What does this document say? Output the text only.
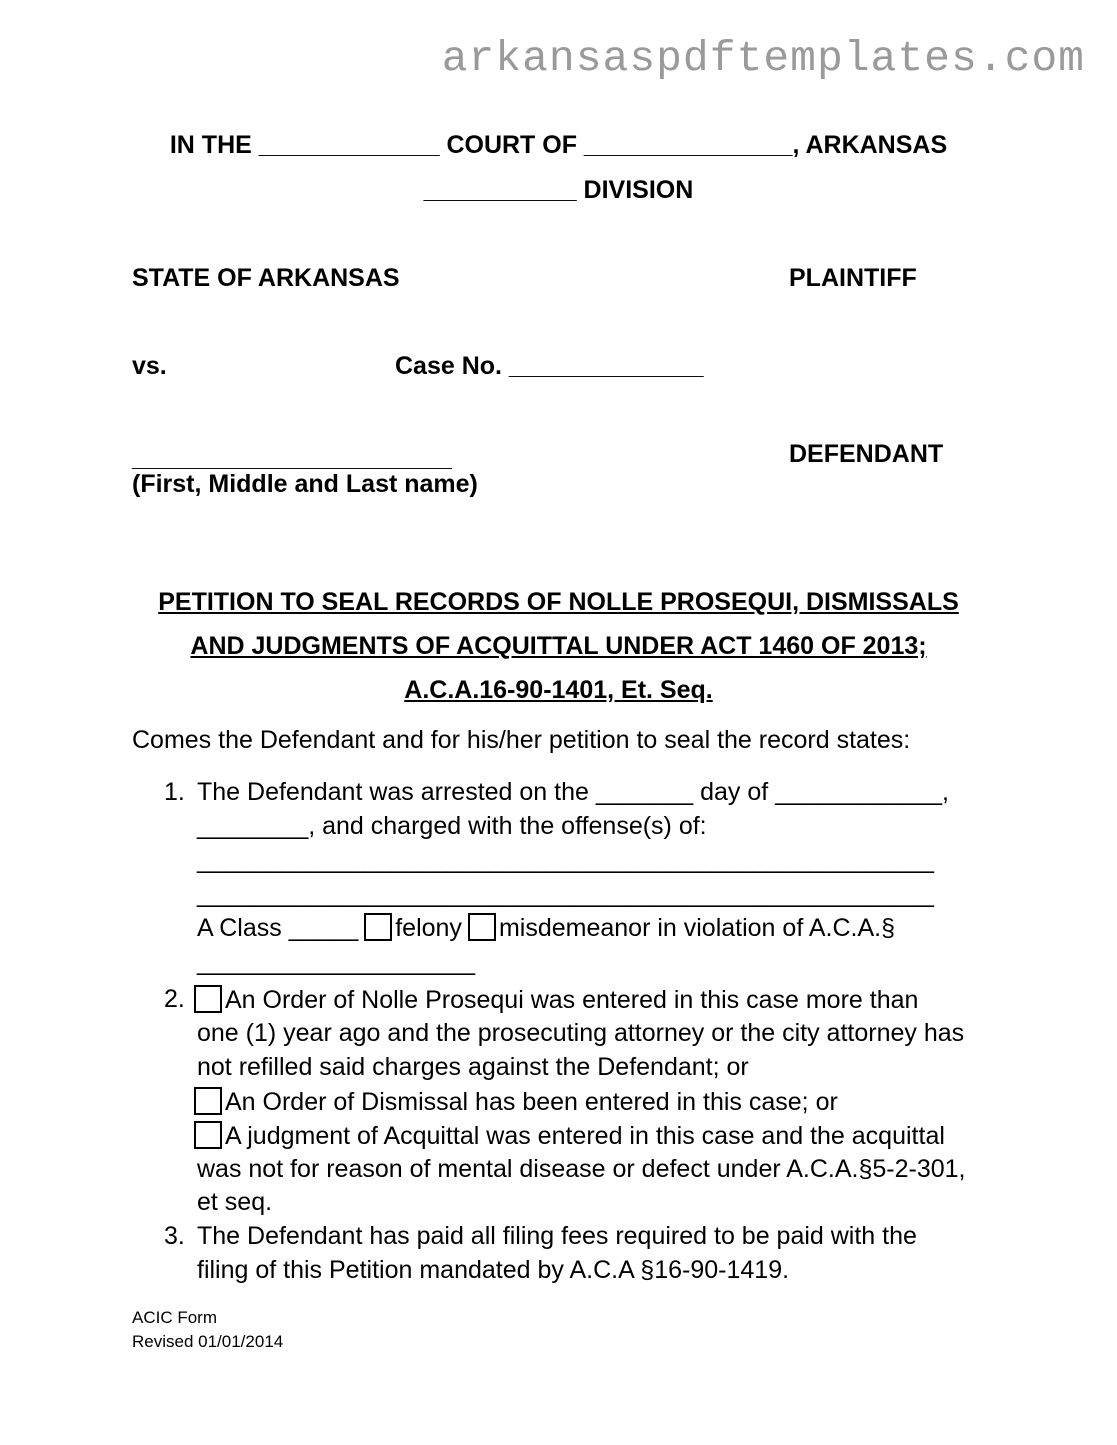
arkansaspdftemplates.com
IN THE _____________ COURT OF _______________, ARKANSAS
___________ DIVISION
STATE OF ARKANSAS	PLAINTIFF
vs.	Case No. ______________
_______________________	DEFENDANT
(First, Middle and Last name)
PETITION TO SEAL RECORDS OF NOLLE PROSEQUI, DISMISSALS
AND JUDGMENTS OF ACQUITTAL UNDER ACT 1460 OF 2013;
A.C.A.16-90-1401, Et. Seq.
Comes the Defendant and for his/her petition to seal the record states:
1. The Defendant was arrested on the _______ day of ____________,
________, and charged with the offense(s) of:
_____________________________________________________
_____________________________________________________
A Class _____ felony misdemeanor in violation of A.C.A.§
____________________
2.	An Order of Nolle Prosequi was entered in this case more than
one (1) year ago and the prosecuting attorney or the city attorney has
not refilled said charges against the Defendant; or
An Order of Dismissal has been entered in this case; or
A judgment of Acquittal was entered in this case and the acquittal
was not for reason of mental disease or defect under A.C.A.§5-2-301,
et seq.
3. The Defendant has paid all filing fees required to be paid with the
filing of this Petition mandated by A.C.A §16-90-1419.
ACIC Form
Revised 01/01/2014
